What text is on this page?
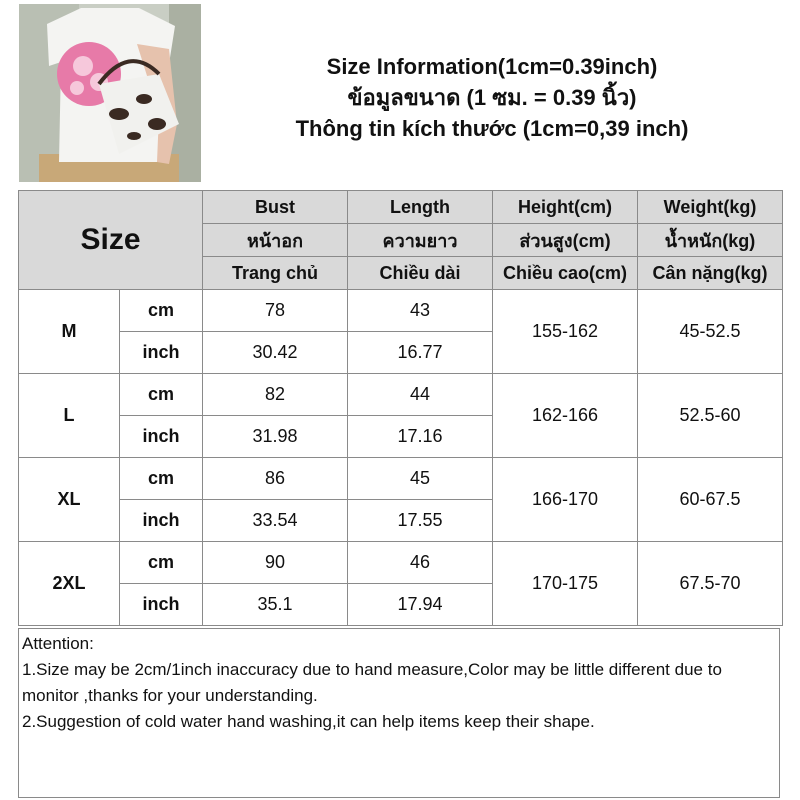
Size Information(1cm=0.39inch)
ข้อมูลขนาด (1 ซม. = 0.39 นิ้ว)
Thông tin kích thước (1cm=0,39 inch)
Size		Bust	Length	Height(cm)	Weight(kg)
		หน้าอก	ความยาว	ส่วนสูง(cm)	น้ำหนัก(kg)
		Trang chủ	Chiều dài	Chiều cao(cm)	Cân nặng(kg)
M	cm	78	43	155-162	45-52.5
	inch	30.42	16.77		
L	cm	82	44	162-166	52.5-60
	inch	31.98	17.16		
XL	cm	86	45	166-170	60-67.5
	inch	33.54	17.55		
2XL	cm	90	46	170-175	67.5-70
	inch	35.1	17.94		

Attention:

1.Size may be 2cm/1inch inaccuracy due to hand measure,Color may be little different due to monitor ,thanks for your understanding.

2.Suggestion of cold water hand washing,it can help items keep their shape.
